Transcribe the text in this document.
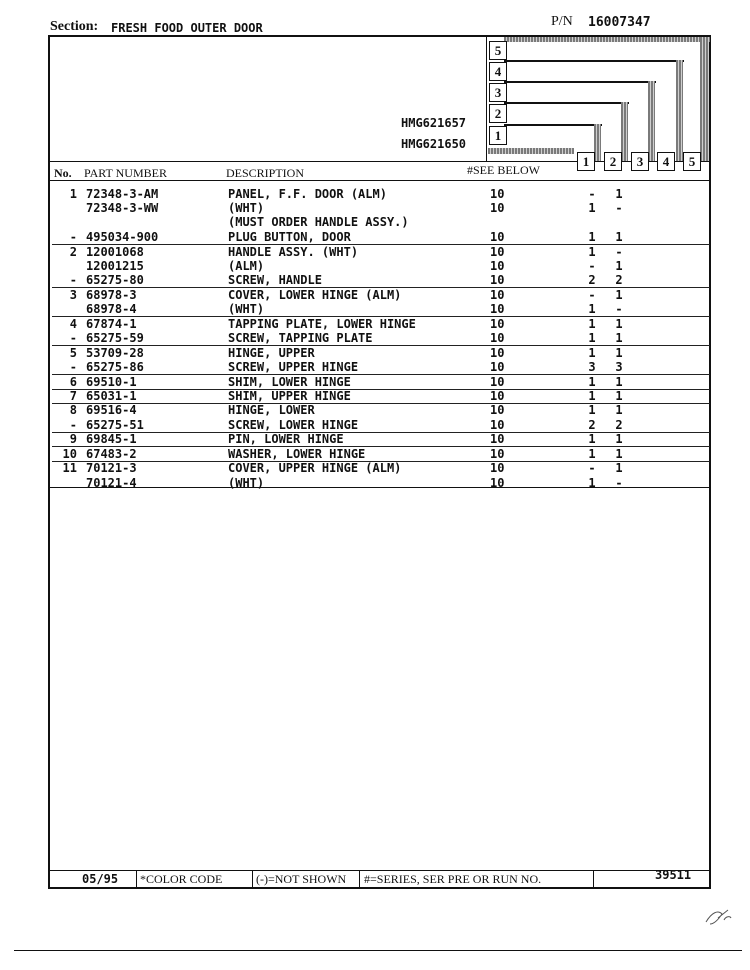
Section: FRESH FOOD OUTER DOOR	P/N 16007347
5
4
3
2
1
HMG621657
HMG621650
1	2	3	4	5
No. PART NUMBER	DESCRIPTION	#SEE BELOW
1 72348-3-AM	PANEL, F.F. DOOR (ALM)	10	- 1
72348-3-WW	(WHT)	10	1 -
(MUST ORDER HANDLE ASSY.)
- 495034-900	PLUG BUTTON, DOOR	10	1 1
2 12001068	HANDLE ASSY. (WHT)	10	1 -
12001215	(ALM)	10	- 1
- 65275-80	SCREW, HANDLE	10	2 2
3 68978-3	COVER, LOWER HINGE (ALM)	10	- 1
68978-4	(WHT)	10	1 -
4 67874-1	TAPPING PLATE, LOWER HINGE	10	1 1
- 65275-59	SCREW, TAPPING PLATE	10	1 1
5 53709-28	HINGE, UPPER	10	1 1
- 65275-86	SCREW, UPPER HINGE	10	3 3
6 69510-1	SHIM, LOWER HINGE	10	1 1
7 65031-1	SHIM, UPPER HINGE	10	1 1
8 69516-4	HINGE, LOWER	10	1 1
- 65275-51	SCREW, LOWER HINGE	10	2 2
9 69845-1	PIN, LOWER HINGE	10	1 1
10 67483-2	WASHER, LOWER HINGE	10	1 1
11 70121-3	COVER, UPPER HINGE (ALM)	10	- 1
70121-4	(WHT)	10	1 -
05/95 *COLOR CODE	(-)=NOT SHOWN #=SERIES, SER PRE OR RUN NO.	39511
